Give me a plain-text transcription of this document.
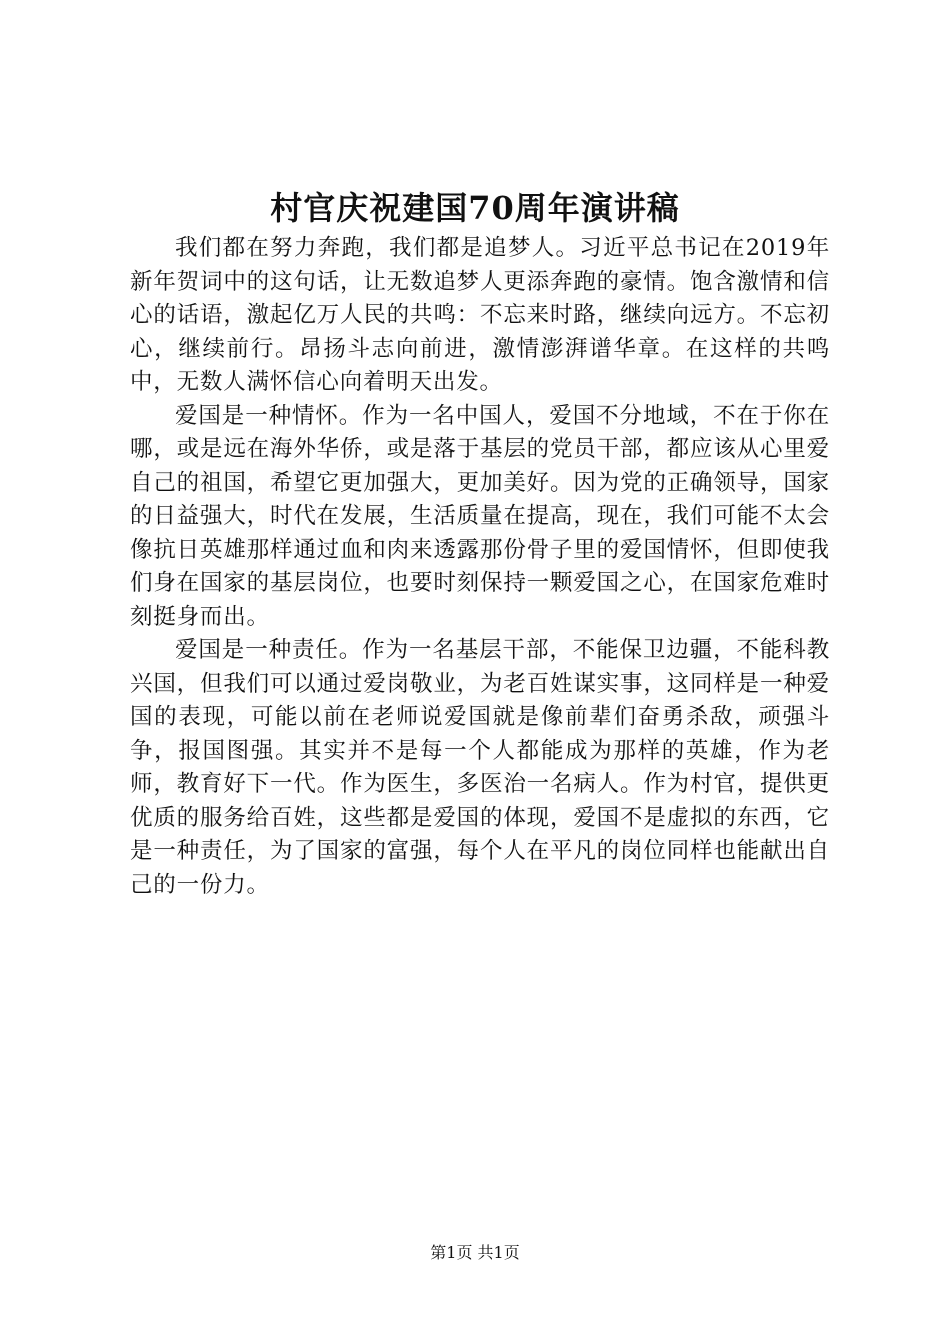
村官庆祝建国70周年演讲稿

我们都在努力奔跑，我们都是追梦人。习近平总书记在2019年新年贺词中的这句话，让无数追梦人更添奔跑的豪情。饱含激情和信心的话语，激起亿万人民的共鸣：不忘来时路，继续向远方。不忘初心，继续前行。昂扬斗志向前进，激情澎湃谱华章。在这样的共鸣中，无数人满怀信心向着明天出发。

爱国是一种情怀。作为一名中国人，爱国不分地域，不在于你在哪，或是远在海外华侨，或是落于基层的党员干部，都应该从心里爱自己的祖国，希望它更加强大，更加美好。因为党的正确领导，国家的日益强大，时代在发展，生活质量在提高，现在，我们可能不太会像抗日英雄那样通过血和肉来透露那份骨子里的爱国情怀，但即使我们身在国家的基层岗位，也要时刻保持一颗爱国之心，在国家危难时刻挺身而出。

爱国是一种责任。作为一名基层干部，不能保卫边疆，不能科教兴国，但我们可以通过爱岗敬业，为老百姓谋实事，这同样是一种爱国的表现，可能以前在老师说爱国就是像前辈们奋勇杀敌，顽强斗争，报国图强。其实并不是每一个人都能成为那样的英雄，作为老师，教育好下一代。作为医生，多医治一名病人。作为村官，提供更优质的服务给百姓，这些都是爱国的体现，爱国不是虚拟的东西，它是一种责任，为了国家的富强，每个人在平凡的岗位同样也能献出自己的一份力。

第1页 共1页
